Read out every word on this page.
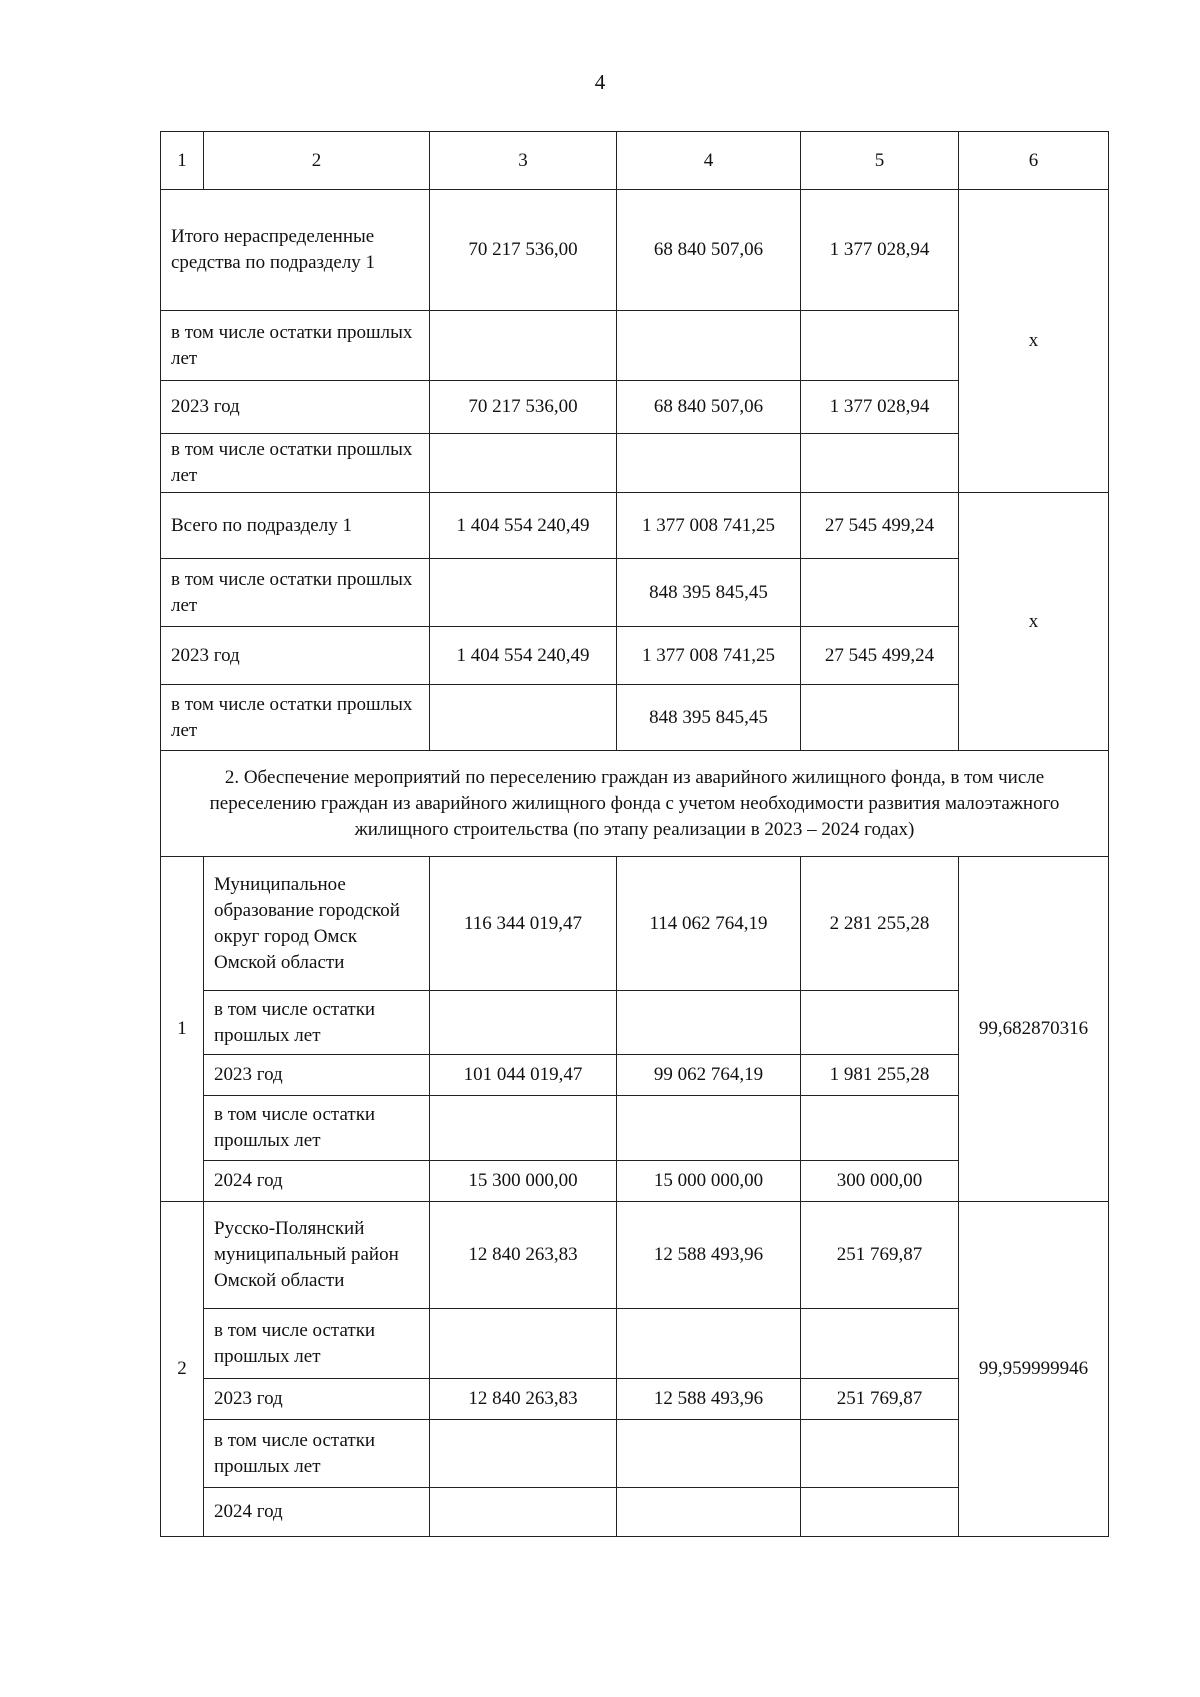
4
1	2	3	4	5	6
Итого нераспределенные средства по подразделу 1		70 217 536,00	68 840 507,06	1 377 028,94	х
в том числе остатки прошлых лет					
2023 год		70 217 536,00	68 840 507,06	1 377 028,94	
в том числе остатки прошлых лет					
Всего по подразделу 1		1 404 554 240,49	1 377 008 741,25	27 545 499,24	х
в том числе остатки прошлых лет			848 395 845,45		
2023 год		1 404 554 240,49	1 377 008 741,25	27 545 499,24	
в том числе остатки прошлых лет			848 395 845,45		
2. Обеспечение мероприятий по переселению граждан из аварийного жилищного фонда, в том числе переселению граждан из аварийного жилищного фонда с учетом необходимости развития малоэтажного жилищного строительства (по этапу реализации в 2023 – 2024 годах)					
1	Муниципальное образование городской округ город Омск Омской области	116 344 019,47	114 062 764,19	2 281 255,28	99,682870316
	в том числе остатки прошлых лет				
	2023 год	101 044 019,47	99 062 764,19	1 981 255,28	
	в том числе остатки прошлых лет				
	2024 год	15 300 000,00	15 000 000,00	300 000,00	
2	Русско-Полянский муниципальный район Омской области	12 840 263,83	12 588 493,96	251 769,87	99,959999946
	в том числе остатки прошлых лет				
	2023 год	12 840 263,83	12 588 493,96	251 769,87	
	в том числе остатки прошлых лет				
	2024 год				
